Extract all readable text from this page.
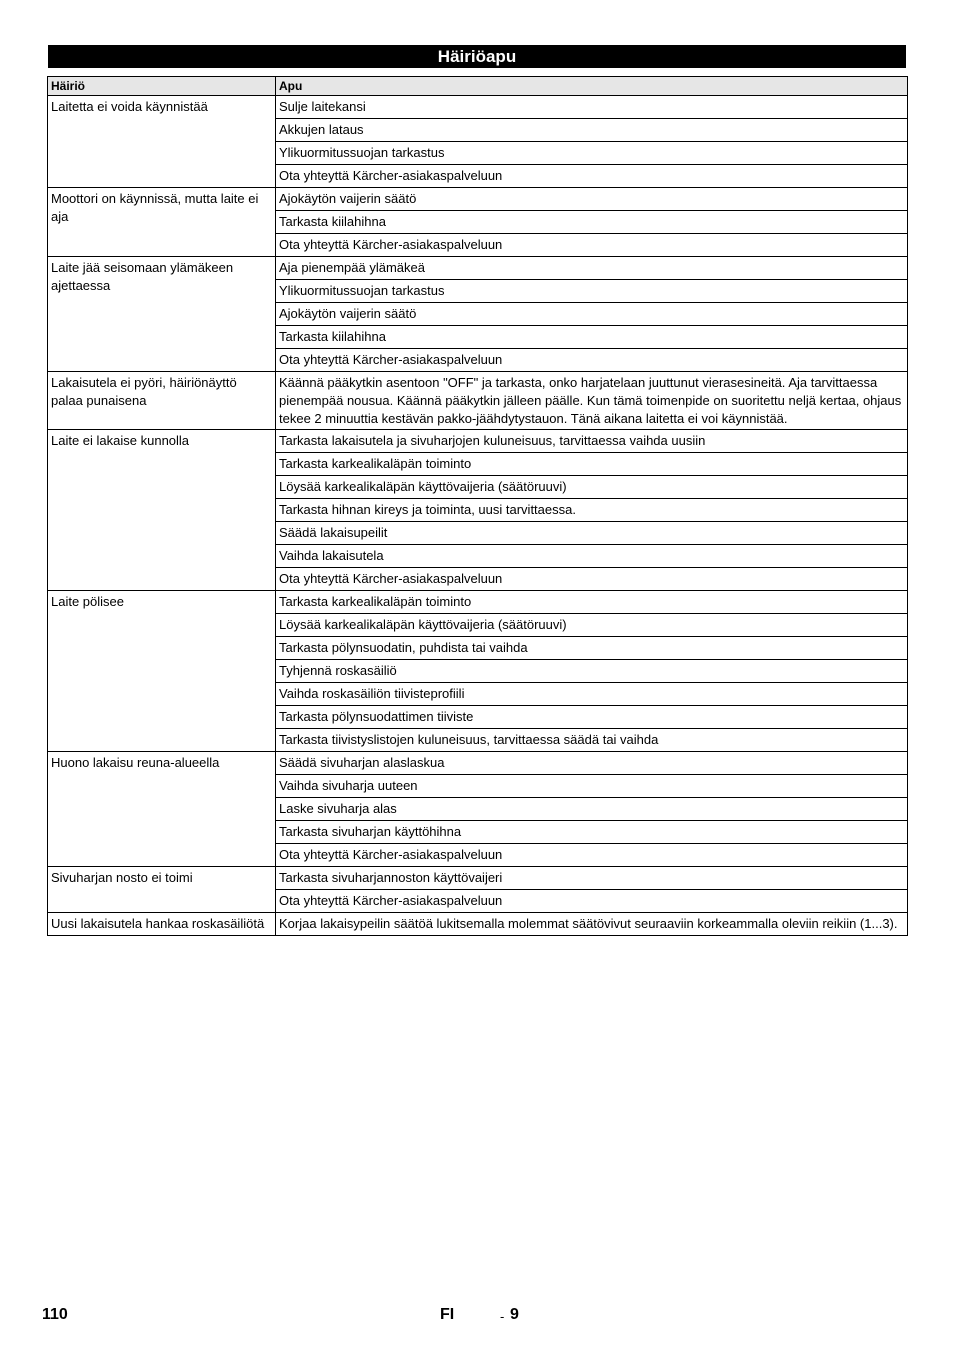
Häiriöapu
Häiriö	Apu
Laitetta ei voida käynnistää	Sulje laitekansi
	Akkujen lataus
	Ylikuormitussuojan tarkastus
	Ota yhteyttä Kärcher-asiakaspalveluun
Moottori on käynnissä, mutta laite ei aja	Ajokäytön vaijerin säätö
	Tarkasta kiilahihna
	Ota yhteyttä Kärcher-asiakaspalveluun
Laite jää seisomaan ylämäkeen ajettaessa	Aja pienempää ylämäkeä
	Ylikuormitussuojan tarkastus
	Ajokäytön vaijerin säätö
	Tarkasta kiilahihna
	Ota yhteyttä Kärcher-asiakaspalveluun
Lakaisutela ei pyöri, häiriönäyttö palaa punaisena	Käännä pääkytkin asentoon "OFF" ja tarkasta, onko harjatelaan juuttunut vierasesineitä. Aja tarvittaessa pienempää nousua. Käännä pääkytkin jälleen päälle. Kun tämä toimenpide on suoritettu neljä kertaa, ohjaus tekee 2 minuuttia kestävän pakko-jäähdytystauon. Tänä aikana laitetta ei voi käynnistää.
Laite ei lakaise kunnolla	Tarkasta lakaisutela ja sivuharjojen kuluneisuus, tarvittaessa vaihda uusiin
	Tarkasta karkealikaläpän toiminto
	Löysää karkealikaläpän käyttövaijeria (säätöruuvi)
	Tarkasta hihnan kireys ja toiminta, uusi tarvittaessa.
	Säädä lakaisupeilit
	Vaihda lakaisutela
	Ota yhteyttä Kärcher-asiakaspalveluun
Laite pölisee	Tarkasta karkealikaläpän toiminto
	Löysää karkealikaläpän käyttövaijeria (säätöruuvi)
	Tarkasta pölynsuodatin, puhdista tai vaihda
	Tyhjennä roskasäiliö
	Vaihda roskasäiliön tiivisteprofiili
	Tarkasta pölynsuodattimen tiiviste
	Tarkasta tiivistyslistojen kuluneisuus, tarvittaessa säädä tai vaihda
Huono lakaisu reuna-alueella	Säädä sivuharjan alaslaskua
	Vaihda sivuharja uuteen
	Laske sivuharja alas
	Tarkasta sivuharjan käyttöhihna
	Ota yhteyttä Kärcher-asiakaspalveluun
Sivuharjan nosto ei toimi	Tarkasta sivuharjannoston käyttövaijeri
	Ota yhteyttä Kärcher-asiakaspalveluun
Uusi lakaisutela hankaa roskasäiliötä	Korjaa lakaisypeilin säätöä lukitsemalla molemmat säätövivut seuraaviin korkeammalla oleviin reikiin (1...3).
110	FI	- 9
